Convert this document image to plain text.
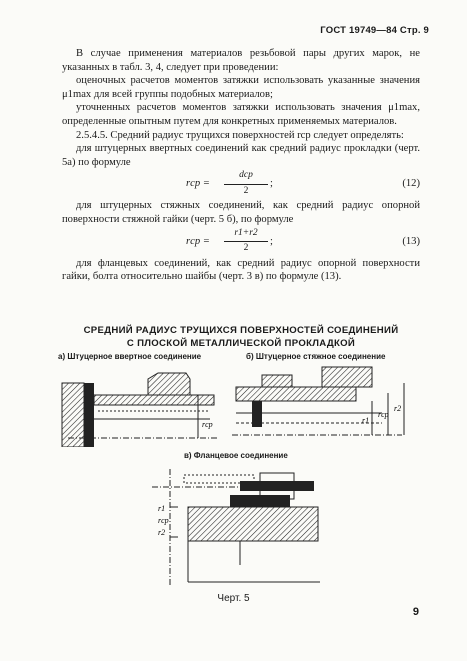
ГОСТ 19749—84 Стр. 9

В случае применения материалов резьбовой пары других марок, не указанных в табл. 3, 4, следует при проведении:

оценочных расчетов моментов затяжки использовать указанные значения μ1max для всей группы подобных материалов;

уточненных расчетов моментов затяжки использовать значения μ1max, определенные опытным путем для конкретных применяемых материалов.

2.5.4.5. Средний радиус трущихся поверхностей rср следует определять:

для штуцерных ввертных соединений как средний радиус прокладки (черт. 5а) по формуле

rср =
dср
2
;	(12)

для штуцерных стяжных соединений, как средний радиус опорной поверхности стяжной гайки (черт. 5 б), по формуле

rср = $\frac{r1+r2}{2}$ ;	(13)

для фланцевых соединений, как средний радиус опорной поверхности гайки, болта относительно шайбы (черт. 3 в) по формуле (13).

СРЕДНИЙ РАДИУС ТРУЩИХСЯ ПОВЕРХНОСТЕЙ СОЕДИНЕНИЙ
С ПЛОСКОЙ МЕТАЛЛИЧЕСКОЙ ПРОКЛАДКОЙ
а) Штуцерное ввертное соединение	б) Штуцерное стяжное соединение
rср	r1
rср
r2
в) Фланцевое соединение
r1
rср
r2
Черт. 5
9
